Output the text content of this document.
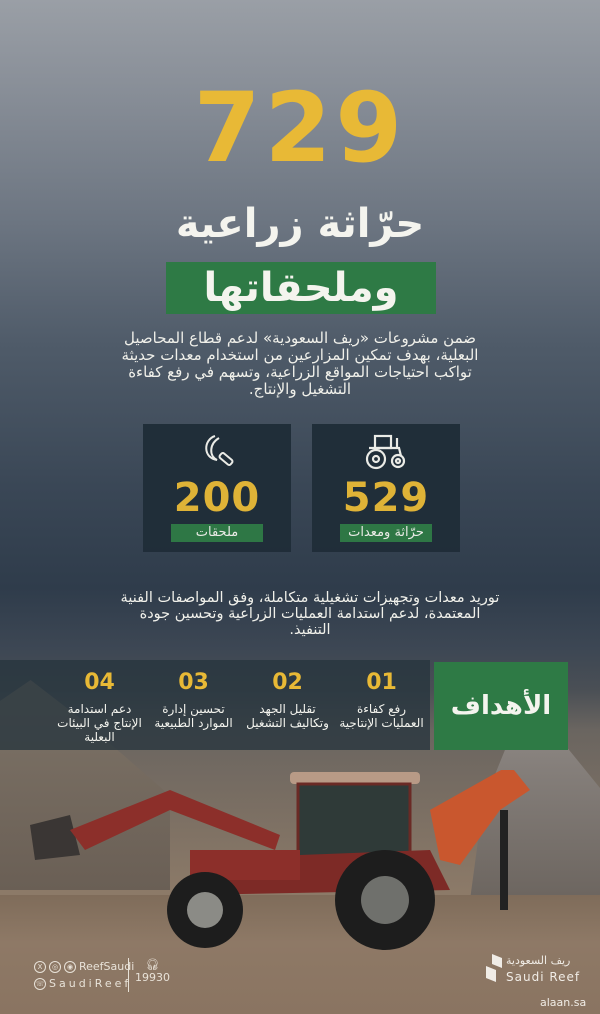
729
حرّاثة زراعية
وملحقاتها
ضمن مشروعات «ريف السعودية» لدعم قطاع المحاصيل البعلية، بهدف تمكين المزارعين من استخدام معدات حديثة تواكب احتياجات المواقع الزراعية، وتسهم في رفع كفاءة التشغيل والإنتاج.
529
حرّاثة ومعدات
200
ملحقات
توريد معدات وتجهيزات تشغيلية متكاملة، وفق المواصفات الفنية المعتمدة، لدعم استدامة العمليات الزراعية وتحسين جودة التنفيذ.
01
رفع كفاءة العمليات الإنتاجية
02
تقليل الجهد وتكاليف التشغيل
03
تحسين إدارة الموارد الطبيعية
04
دعم استدامة الإنتاج في البيئات البعلية
الأهداف
X	◎	◉ ReefSaudi
☏ SaudiReef
🎧︎
19930
ريف السعودية
Saudi Reef
alaan.sa
